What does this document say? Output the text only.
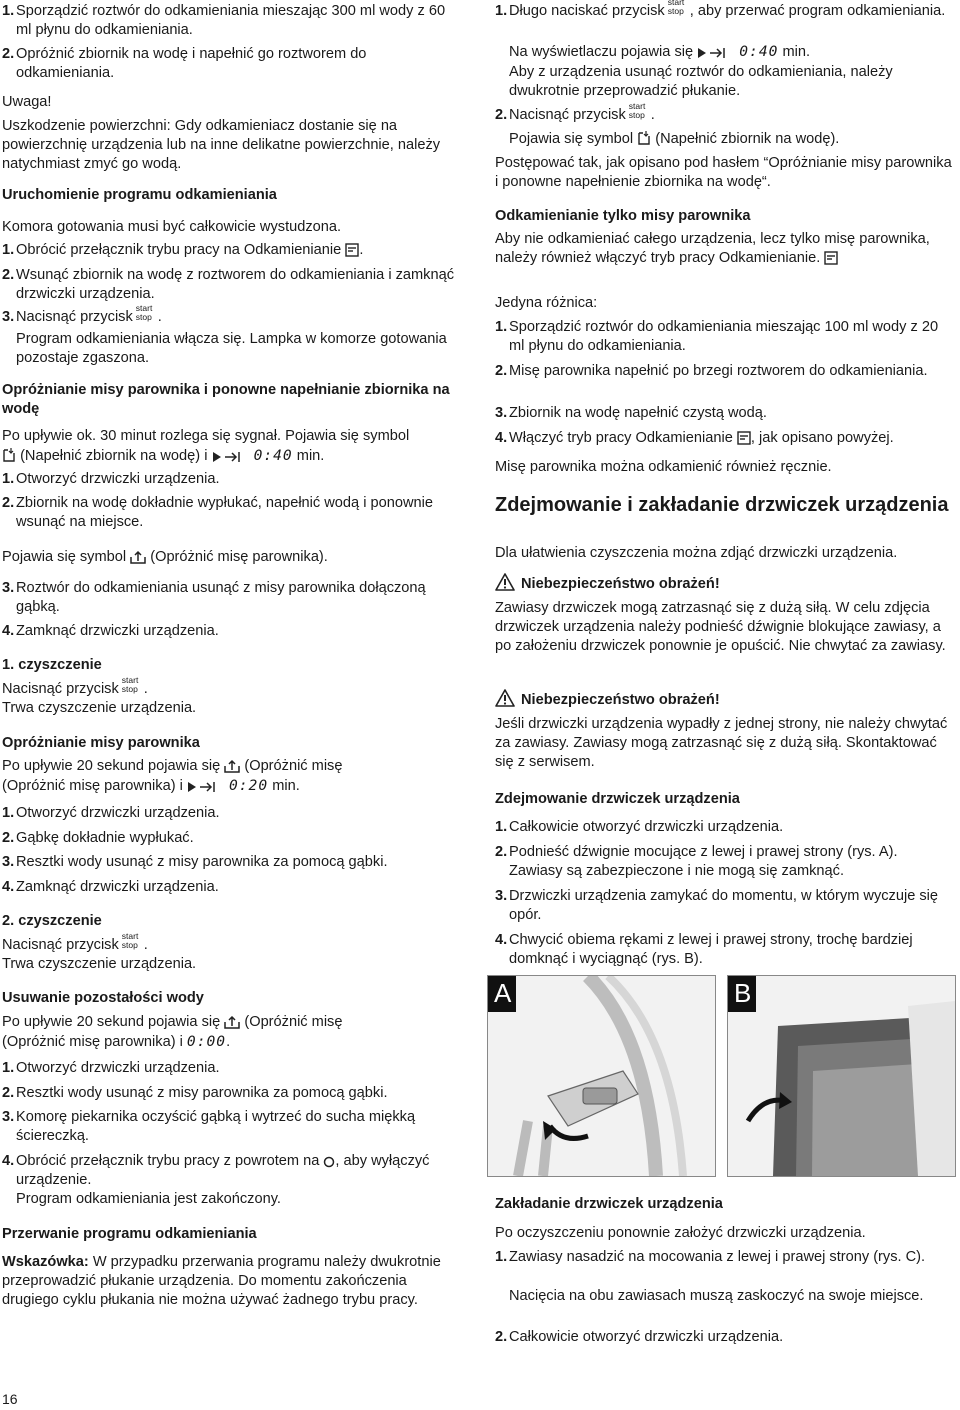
1. Sporządzić roztwór do odkamieniania mieszając 300 ml wody z 60 ml płynu do odkamieniania.
2. Opróżnić zbiornik na wodę i napełnić go roztworem do odkamieniania.
Uwaga!
Uszkodzenie powierzchni: Gdy odkamieniacz dostanie się na powierzchnię urządzenia lub na inne delikatne powierzchnie, należy natychmiast zmyć go wodą.
Uruchomienie programu odkamieniania
Komora gotowania musi być całkowicie wystudzona.
1. Obrócić przełącznik trybu pracy na Odkamienianie .
2. Wsunąć zbiornik na wodę z roztworem do odkamieniania i zamknąć drzwiczki urządzenia.
3. Nacisnąć przycisk
start
stop .
Program odkamieniania włącza się. Lampka w komorze gotowania pozostaje zgaszona.
Opróżnianie misy parownika i ponowne napełnianie zbiornika na wodę
Po upływie ok. 30 minut rozlega się sygnał. Pojawia się symbol
(Napełnić zbiornik na wodę) i	0:40 min.
1. Otworzyć drzwiczki urządzenia.
2. Zbiornik na wodę dokładnie wypłukać, napełnić wodą i ponownie wsunąć na miejsce.
Pojawia się symbol (Opróżnić misę parownika).
3. Roztwór do odkamieniania usunąć z misy parownika dołączoną gąbką.
4. Zamknąć drzwiczki urządzenia.
1. czyszczenie
Nacisnąć przycisk
start
stop .
Trwa czyszczenie urządzenia.
Opróżnianie misy parownika
Po upływie 20 sekund pojawia się  (Opróżnić misę
(Opróżnić misę parownika) i	0:20 min.
1. Otworzyć drzwiczki urządzenia.
2. Gąbkę dokładnie wypłukać.
3. Resztki wody usunąć z misy parownika za pomocą gąbki.
4. Zamknąć drzwiczki urządzenia.
2. czyszczenie
Nacisnąć przycisk
start
stop .
Trwa czyszczenie urządzenia.
Usuwanie pozostałości wody
Po upływie 20 sekund pojawia się  (Opróżnić misę
(Opróżnić misę parownika) i 0:00.
1. Otworzyć drzwiczki urządzenia.
2. Resztki wody usunąć z misy parownika za pomocą gąbki.
3. Komorę piekarnika oczyścić gąbką i wytrzeć do sucha miękką ściereczką.
4. Obrócić przełącznik trybu pracy z powrotem na , aby wyłączyć urządzenie.
Program odkamieniania jest zakończony.
Przerwanie programu odkamieniania
Wskazówka: W przypadku przerwania programu należy dwukrotnie przeprowadzić płukanie urządzenia. Do momentu zakończenia drugiego cyklu płukania nie można używać żadnego trybu pracy.
1. Długo naciskać przycisk
start
stop , aby przerwać program odkamieniania.
Na wyświetlaczu pojawia się	0:40 min.
Aby z urządzenia usunąć roztwór do odkamieniania, należy dwukrotnie przeprowadzić płukanie.
2. Nacisnąć przycisk
start
stop .
Pojawia się symbol (Napełnić zbiornik na wodę).
Postępować tak, jak opisano pod hasłem “Opróżnianie misy parownika i ponowne napełnienie zbiornika na wodę“.
Odkamienianie tylko misy parownika
Aby nie odkamieniać całego urządzenia, lecz tylko misę parownika, należy również włączyć tryb pracy Odkamienianie.
Jedyna różnica:
1. Sporządzić roztwór do odkamieniania mieszając 100 ml wody z 20 ml płynu do odkamieniania.
2. Misę parownika napełnić po brzegi roztworem do odkamieniania.
3. Zbiornik na wodę napełnić czystą wodą.
4. Włączyć tryb pracy Odkamienianie , jak opisano powyżej.
Misę parownika można odkamienić również ręcznie.
Zdejmowanie i zakładanie drzwiczek urządzenia
Dla ułatwienia czyszczenia można zdjąć drzwiczki urządzenia.
Niebezpieczeństwo obrażeń!
Zawiasy drzwiczek mogą zatrzasnąć się z dużą siłą. W celu zdjęcia drzwiczek urządzenia należy podnieść dźwignie blokujące zawiasy, a po założeniu drzwiczek ponownie je opuścić. Nie chwytać za zawiasy.
Niebezpieczeństwo obrażeń!
Jeśli drzwiczki urządzenia wypadły z jednej strony, nie należy chwytać za zawiasy. Zawiasy mogą zatrzasnąć się z dużą siłą. Skontaktować się z serwisem.
Zdejmowanie drzwiczek urządzenia
1. Całkowicie otworzyć drzwiczki urządzenia.
2. Podnieść dźwignie mocujące z lewej i prawej strony (rys. A). Zawiasy są zabezpieczone i nie mogą się zamknąć.
3. Drzwiczki urządzenia zamykać do momentu, w którym wyczuje się opór.
4. Chwycić obiema rękami z lewej i prawej strony, trochę bardziej domknąć i wyciągnąć (rys. B).
Zakładanie drzwiczek urządzenia
Po oczyszczeniu ponownie założyć drzwiczki urządzenia.
1. Zawiasy nasadzić na mocowania z lewej i prawej strony (rys. C).
Nacięcia na obu zawiasach muszą zaskoczyć na swoje miejsce.
2. Całkowicie otworzyć drzwiczki urządzenia.
A	B
16
